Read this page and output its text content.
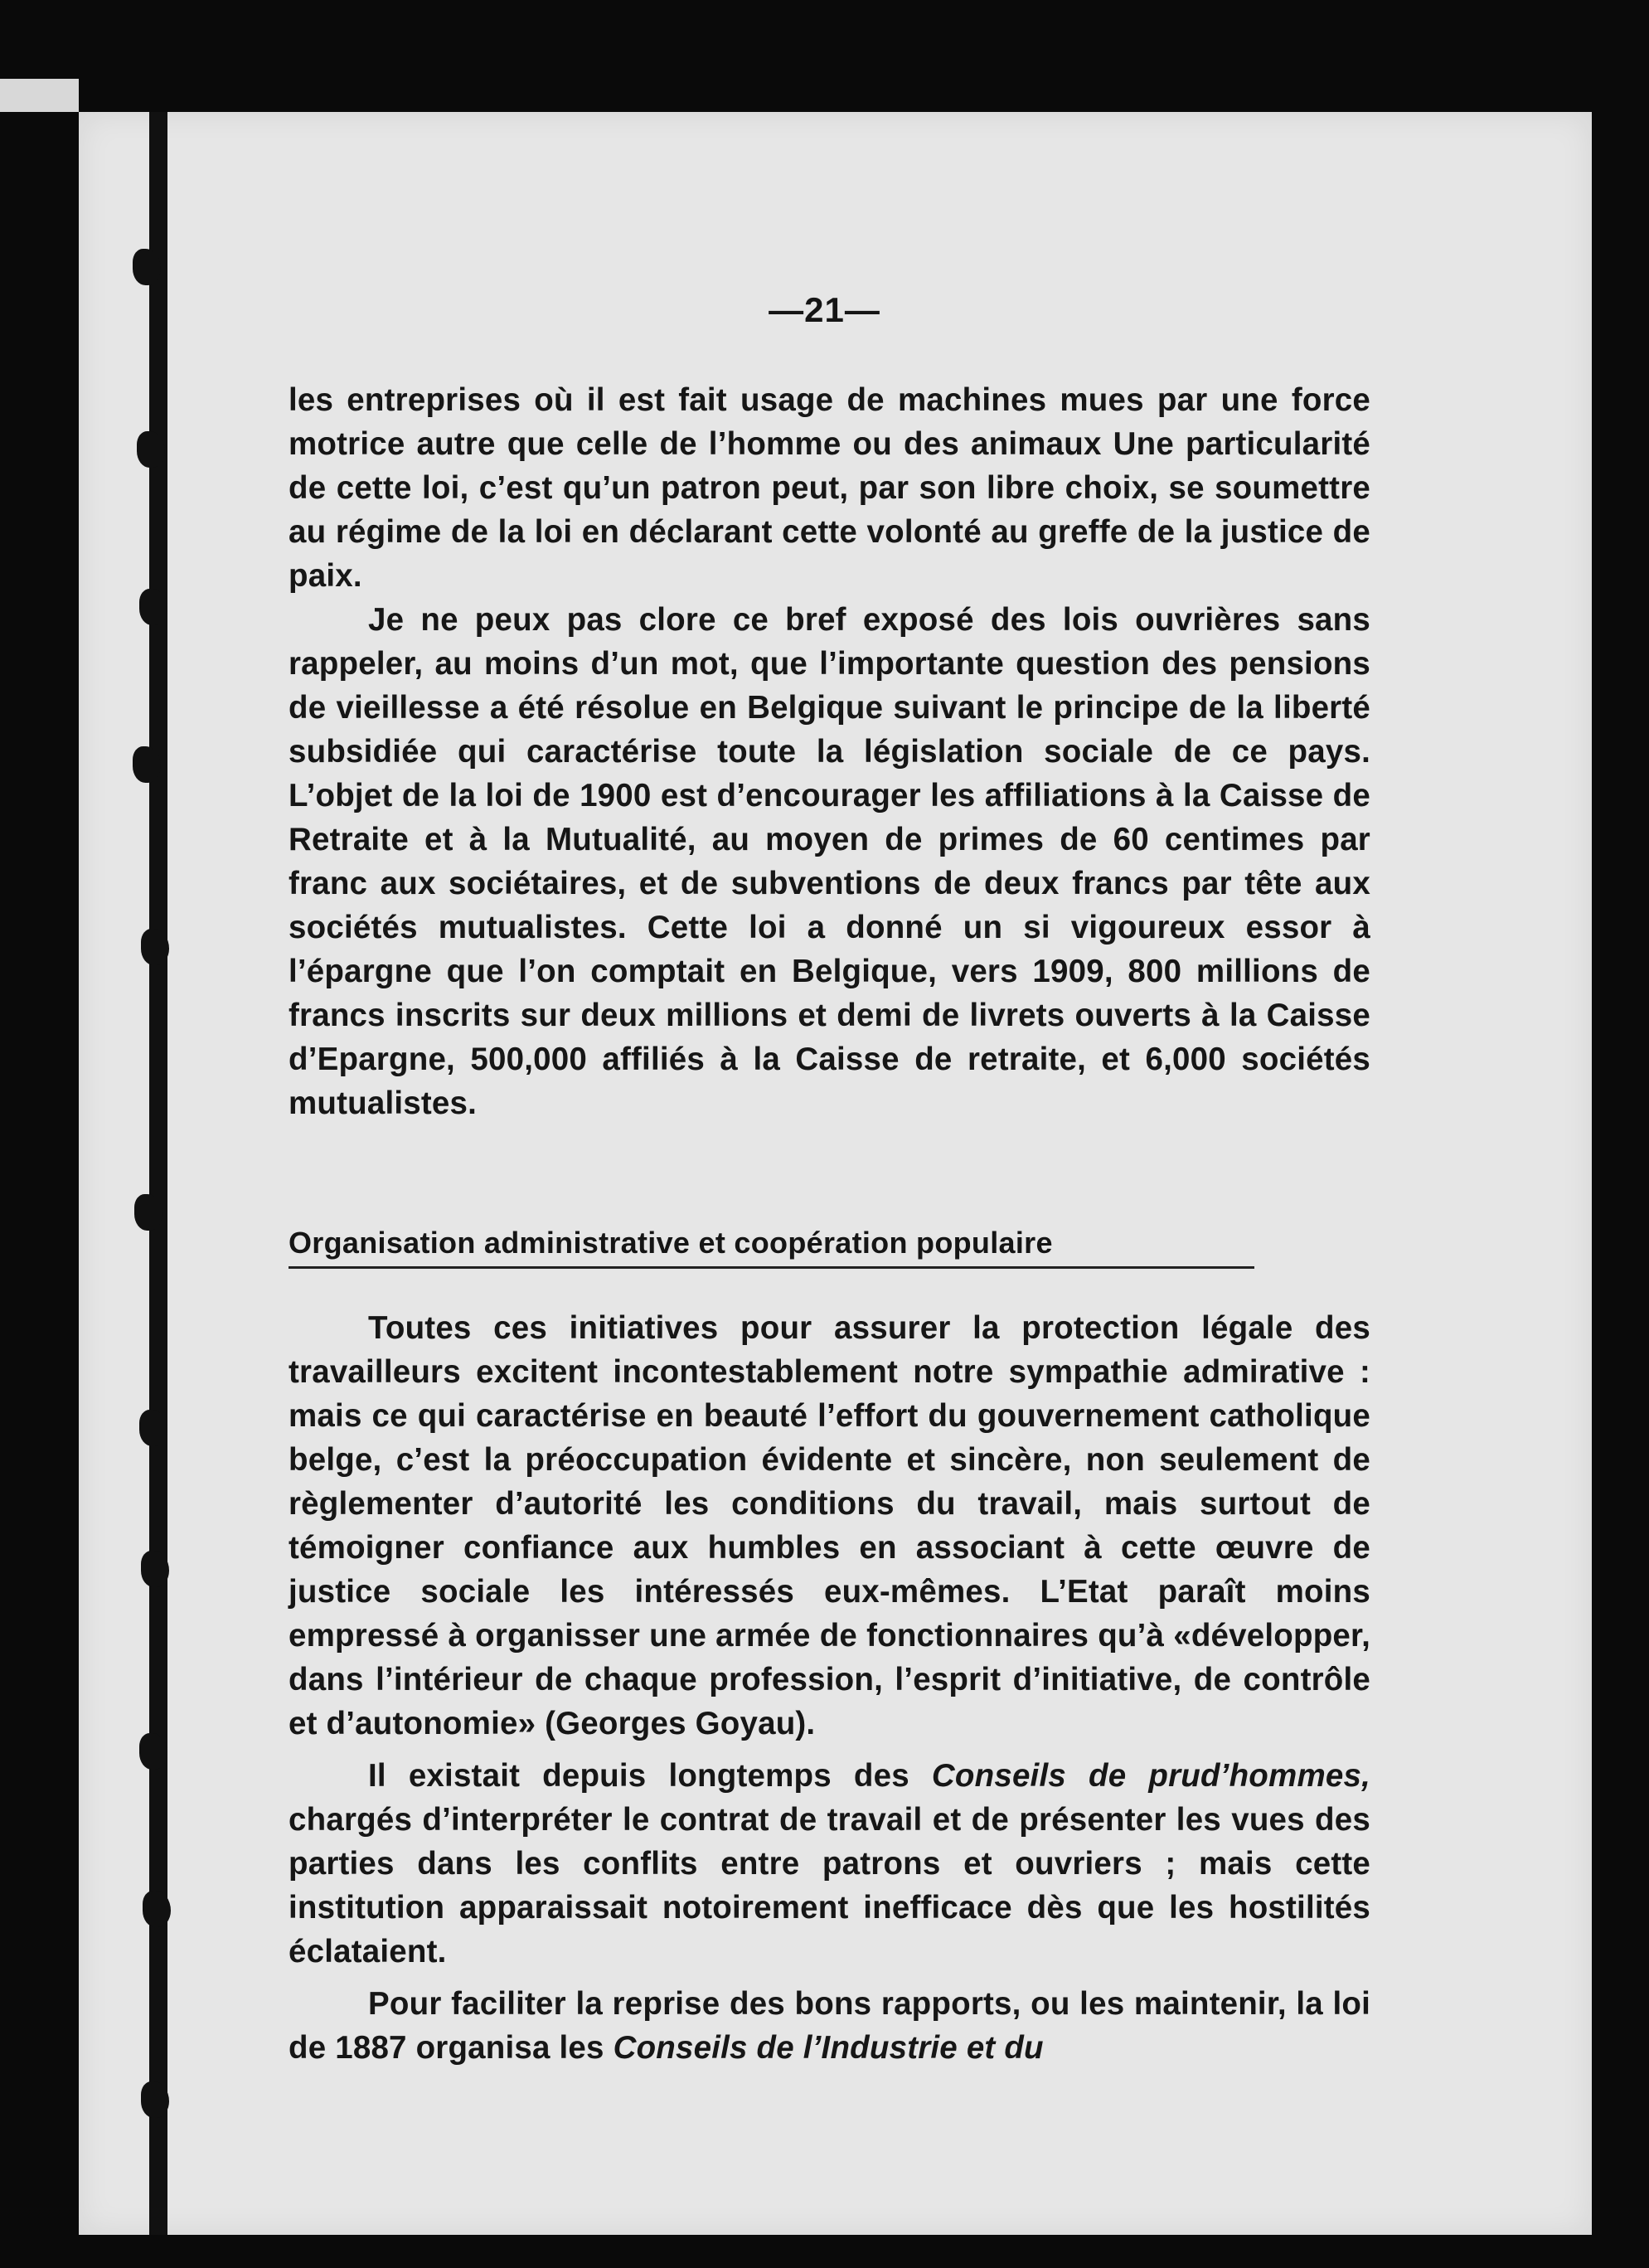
—21—

les entreprises où il est fait usage de machines mues par une force motrice autre que celle de l’homme ou des animaux Une particularité de cette loi, c’est qu’un patron peut, par son libre choix, se soumettre au régime de la loi en déclarant cette volonté au greffe de la justice de paix.

Je ne peux pas clore ce bref exposé des lois ouvrières sans rappeler, au moins d’un mot, que l’importante question des pensions de vieillesse a été résolue en Belgique suivant le principe de la liberté subsidiée qui caractérise toute la législation sociale de ce pays. L’objet de la loi de 1900 est d’encourager les affiliations à la Caisse de Retraite et à la Mutualité, au moyen de primes de 60 centimes par franc aux sociétaires, et de subventions de deux francs par tête aux sociétés mutualistes. Cette loi a donné un si vigoureux essor à l’épargne que l’on comptait en Belgique, vers 1909, 800 millions de francs inscrits sur deux millions et demi de livrets ouverts à la Caisse d’Epargne, 500,000 affiliés à la Caisse de retraite, et 6,000 sociétés mutualistes.

Organisation administrative et coopération populaire

Toutes ces initiatives pour assurer la protection légale des travailleurs excitent incontestablement notre sympathie admirative : mais ce qui caractérise en beauté l’effort du gouvernement catholique belge, c’est la préoccupation évidente et sincère, non seulement de règlementer d’autorité les conditions du travail, mais surtout de témoigner confiance aux humbles en associant à cette œuvre de justice sociale les intéressés eux-mêmes. L’Etat paraît moins empressé à organisser une armée de fonctionnaires qu’à «développer, dans l’intérieur de chaque profession, l’esprit d’initiative, de contrôle et d’autonomie» (Georges Goyau).

Il existait depuis longtemps des Conseils de prud’hommes, chargés d’interpréter le contrat de travail et de présenter les vues des parties dans les conflits entre patrons et ouvriers ; mais cette institution apparaissait notoirement inefficace dès que les hostilités éclataient.

Pour faciliter la reprise des bons rapports, ou les maintenir, la loi de 1887 organisa les Conseils de l’Industrie et du
